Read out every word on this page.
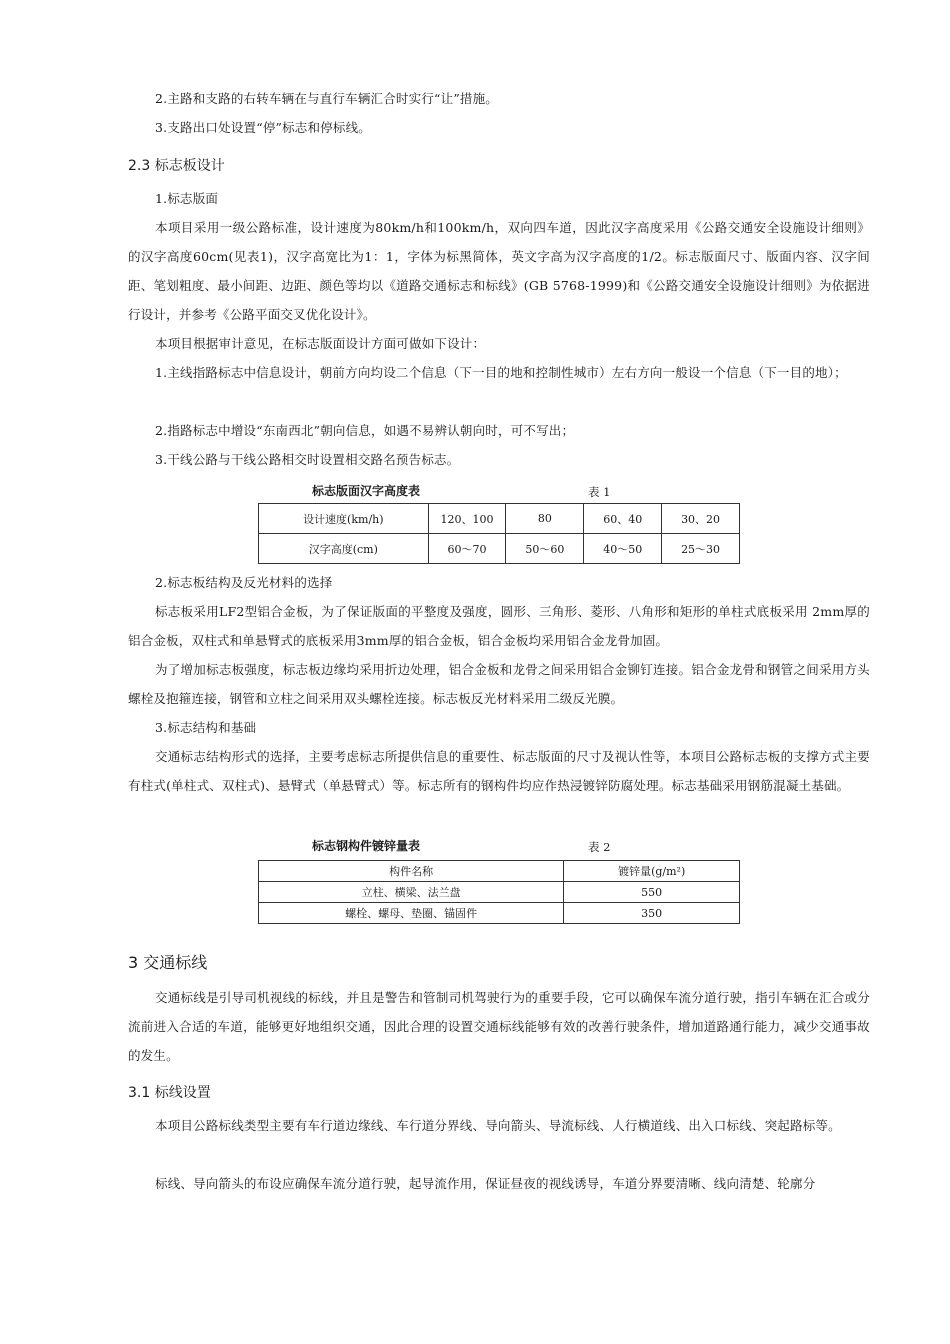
2.主路和支路的右转车辆在与直行车辆汇合时实行“让”措施。

3.支路出口处设置“停”标志和停标线。

2.3 标志板设计

1.标志版面

本项目采用一级公路标准，设计速度为80km/h和100km/h，双向四车道，因此汉字高度采用《公路交通安全设施设计细则》的汉字高度60cm(见表1)，汉字高宽比为1：1，字体为标黑简体，英文字高为汉字高度的1/2。标志版面尺寸、版面内容、汉字间距、笔划粗度、最小间距、边距、颜色等均以《道路交通标志和标线》(GB 5768-1999)和《公路交通安全设施设计细则》为依据进行设计，并参考《公路平面交叉优化设计》。

本项目根据审计意见，在标志版面设计方面可做如下设计：

1.主线指路标志中信息设计，朝前方向均设二个信息（下一目的地和控制性城市）左右方向一般设一个信息（下一目的地）；

2.指路标志中增设“东南西北”朝向信息，如遇不易辨认朝向时，可不写出；

3.干线公路与干线公路相交时设置相交路名预告标志。

标志版面汉字高度表	表 1
设计速度(km/h)	120、100	80	60、40	30、20
汉字高度(cm)	60～70	50～60	40～50	25～30

2.标志板结构及反光材料的选择

标志板采用LF2型铝合金板，为了保证版面的平整度及强度，圆形、三角形、菱形、八角形和矩形的单柱式底板采用 2mm厚的铝合金板，双柱式和单悬臂式的底板采用3mm厚的铝合金板，铝合金板均采用铝合金龙骨加固。

为了增加标志板强度，标志板边缘均采用折边处理，铝合金板和龙骨之间采用铝合金铆钉连接。铝合金龙骨和钢管之间采用方头螺栓及抱箍连接，钢管和立柱之间采用双头螺栓连接。标志板反光材料采用二级反光膜。

3.标志结构和基础

交通标志结构形式的选择，主要考虑标志所提供信息的重要性、标志版面的尺寸及视认性等，本项目公路标志板的支撑方式主要有柱式(单柱式、双柱式)、悬臂式（单悬臂式）等。标志所有的钢构件均应作热浸镀锌防腐处理。标志基础采用钢筋混凝土基础。

标志钢构件镀锌量表	表 2
构件名称	镀锌量(g/m²)
立柱、横梁、法兰盘	550
螺栓、螺母、垫圈、锚固件	350
3 交通标线

交通标线是引导司机视线的标线，并且是警告和管制司机驾驶行为的重要手段，它可以确保车流分道行驶，指引车辆在汇合或分流前进入合适的车道，能够更好地组织交通，因此合理的设置交通标线能够有效的改善行驶条件，增加道路通行能力，减少交通事故的发生。

3.1 标线设置

本项目公路标线类型主要有车行道边缘线、车行道分界线、导向箭头、导流标线、人行横道线、出入口标线、突起路标等。

标线、导向箭头的布设应确保车流分道行驶，起导流作用，保证昼夜的视线诱导，车道分界要清晰、线向清楚、轮廓分
